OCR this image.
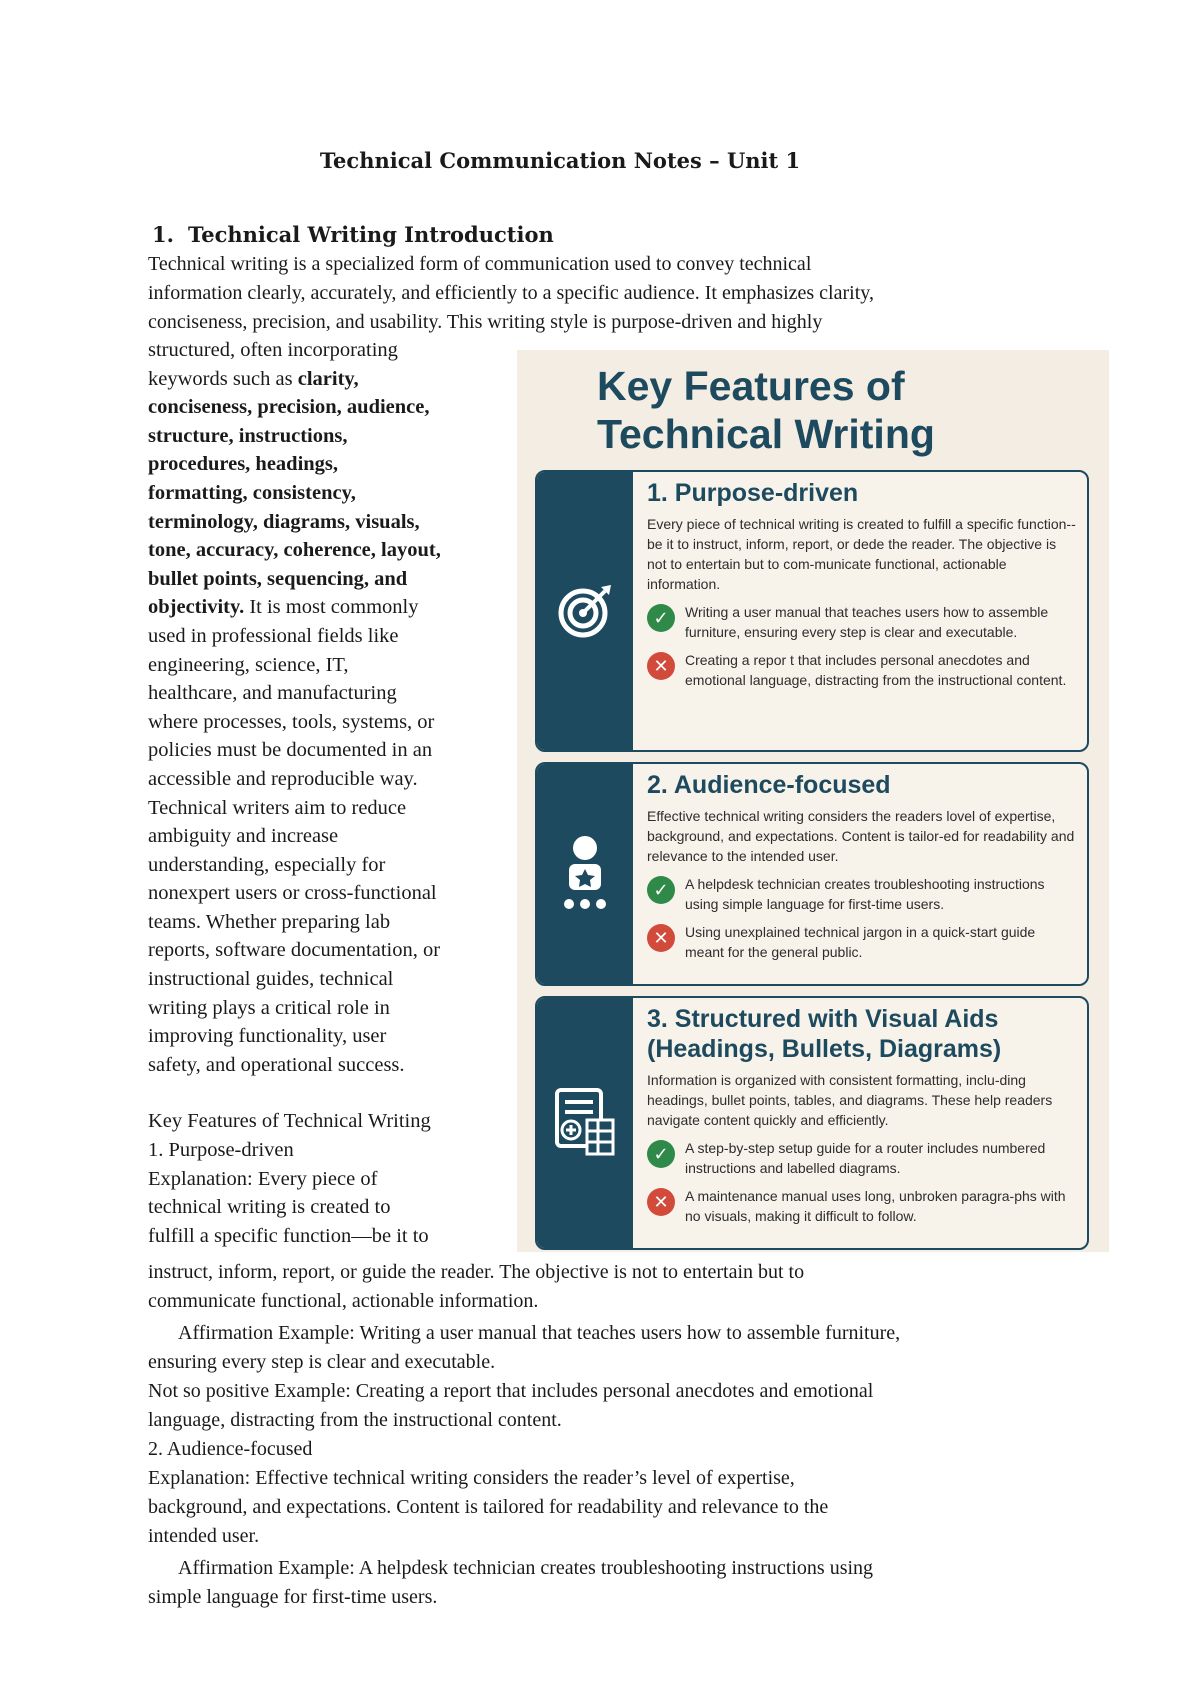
Technical Communication Notes – Unit 1
1. Technical Writing Introduction
Technical writing is a specialized form of communication used to convey technical
information clearly, accurately, and efficiently to a specific audience. It emphasizes clarity,
conciseness, precision, and usability. This writing style is purpose-driven and highly
structured, often incorporating
keywords such as clarity,
conciseness, precision, audience,
structure, instructions,
procedures, headings,
formatting, consistency,
terminology, diagrams, visuals,
tone, accuracy, coherence, layout,
bullet points, sequencing, and
objectivity. It is most commonly
used in professional fields like
engineering, science, IT,
healthcare, and manufacturing
where processes, tools, systems, or
policies must be documented in an
accessible and reproducible way.
Technical writers aim to reduce
ambiguity and increase
understanding, especially for
nonexpert users or cross-functional
teams. Whether preparing lab
reports, software documentation, or
instructional guides, technical
writing plays a critical role in
improving functionality, user
safety, and operational success.
Key Features of Technical Writing
1. Purpose-driven
Explanation: Every piece of
technical writing is created to
fulfill a specific function—be it to
instruct, inform, report, or guide the reader. The objective is not to entertain but to
communicate functional, actionable information.
Affirmation Example: Writing a user manual that teaches users how to assemble furniture,
ensuring every step is clear and executable.
Not so positive Example: Creating a report that includes personal anecdotes and emotional
language, distracting from the instructional content.
2. Audience-focused
Explanation: Effective technical writing considers the reader’s level of expertise,
background, and expectations. Content is tailored for readability and relevance to the
intended user.
Affirmation Example: A helpdesk technician creates troubleshooting instructions using
simple language for first-time users.
Key Features of
Technical Writing
1. Purpose-driven

Every piece of technical writing is created to fulfill a specific function--be it to instruct, inform, report, or dede the reader. The objective is not to entertain but to com-municate functional, actionable information.

✓	Writing a user manual that teaches users how to assemble furniture, ensuring every step is clear and executable.
✕	Creating a repor t that includes personal anecdotes and emotional language, distracting from the instructional content.
2. Audience-focused

Effective technical writing considers the readers lovel of expertise, background, and expectations. Content is tailor-ed for readability and relevance to the intended user.

✓	A helpdesk technician creates troubleshooting instructions using simple language for first-time users.
✕	Using unexplained technical jargon in a quick-start guide meant for the general public.
3. Structured with Visual Aids (Headings, Bullets, Diagrams)

Information is organized with consistent formatting, inclu-ding headings, bullet points, tables, and diagrams. These help readers navigate content quickly and efficiently.

✓	A step-by-step setup guide for a router includes numbered instructions and labelled diagrams.
✕	A maintenance manual uses long, unbroken paragra-phs with no visuals, making it difficult to follow.
